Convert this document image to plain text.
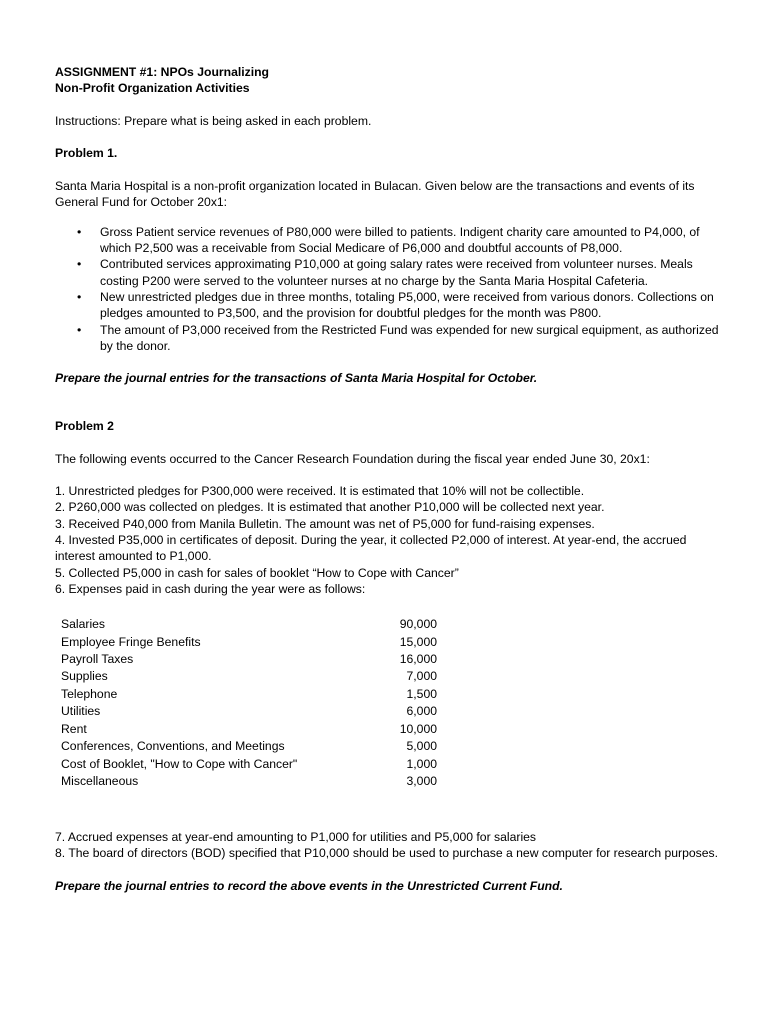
ASSIGNMENT #1: NPOs Journalizing

Non-Profit Organization Activities

Instructions: Prepare what is being asked in each problem.

Problem 1.

Santa Maria Hospital is a non-profit organization located in Bulacan. Given below are the transactions and events of its General Fund for October 20x1:

• Gross Patient service revenues of P80,000 were billed to patients. Indigent charity care amounted to P4,000, of which P2,500 was a receivable from Social Medicare of P6,000 and doubtful accounts of P8,000.
• Contributed services approximating P10,000 at going salary rates were received from volunteer nurses. Meals costing P200 were served to the volunteer nurses at no charge by the Santa Maria Hospital Cafeteria.
• New unrestricted pledges due in three months, totaling P5,000, were received from various donors. Collections on pledges amounted to P3,500, and the provision for doubtful pledges for the month was P800.
• The amount of P3,000 received from the Restricted Fund was expended for new surgical equipment, as authorized by the donor.

Prepare the journal entries for the transactions of Santa Maria Hospital for October.

Problem 2

The following events occurred to the Cancer Research Foundation during the fiscal year ended June 30, 20x1:

1. Unrestricted pledges for P300,000 were received. It is estimated that 10% will not be collectible.
2. P260,000 was collected on pledges. It is estimated that another P10,000 will be collected next year.
3. Received P40,000 from Manila Bulletin. The amount was net of P5,000 for fund-raising expenses.
4. Invested P35,000 in certificates of deposit. During the year, it collected P2,000 of interest. At year-end, the accrued interest amounted to P1,000.
5. Collected P5,000 in cash for sales of booklet “How to Cope with Cancer”
6. Expenses paid in cash during the year were as follows:
Salaries	90,000
Employee Fringe Benefits	15,000
Payroll Taxes	16,000
Supplies	7,000
Telephone	1,500
Utilities	6,000
Rent	10,000
Conferences, Conventions, and Meetings	5,000
Cost of Booklet, "How to Cope with Cancer"	1,000
Miscellaneous	3,000
7. Accrued expenses at year-end amounting to P1,000 for utilities and P5,000 for salaries
8. The board of directors (BOD) specified that P10,000 should be used to purchase a new computer for research purposes.

Prepare the journal entries to record the above events in the Unrestricted Current Fund.
